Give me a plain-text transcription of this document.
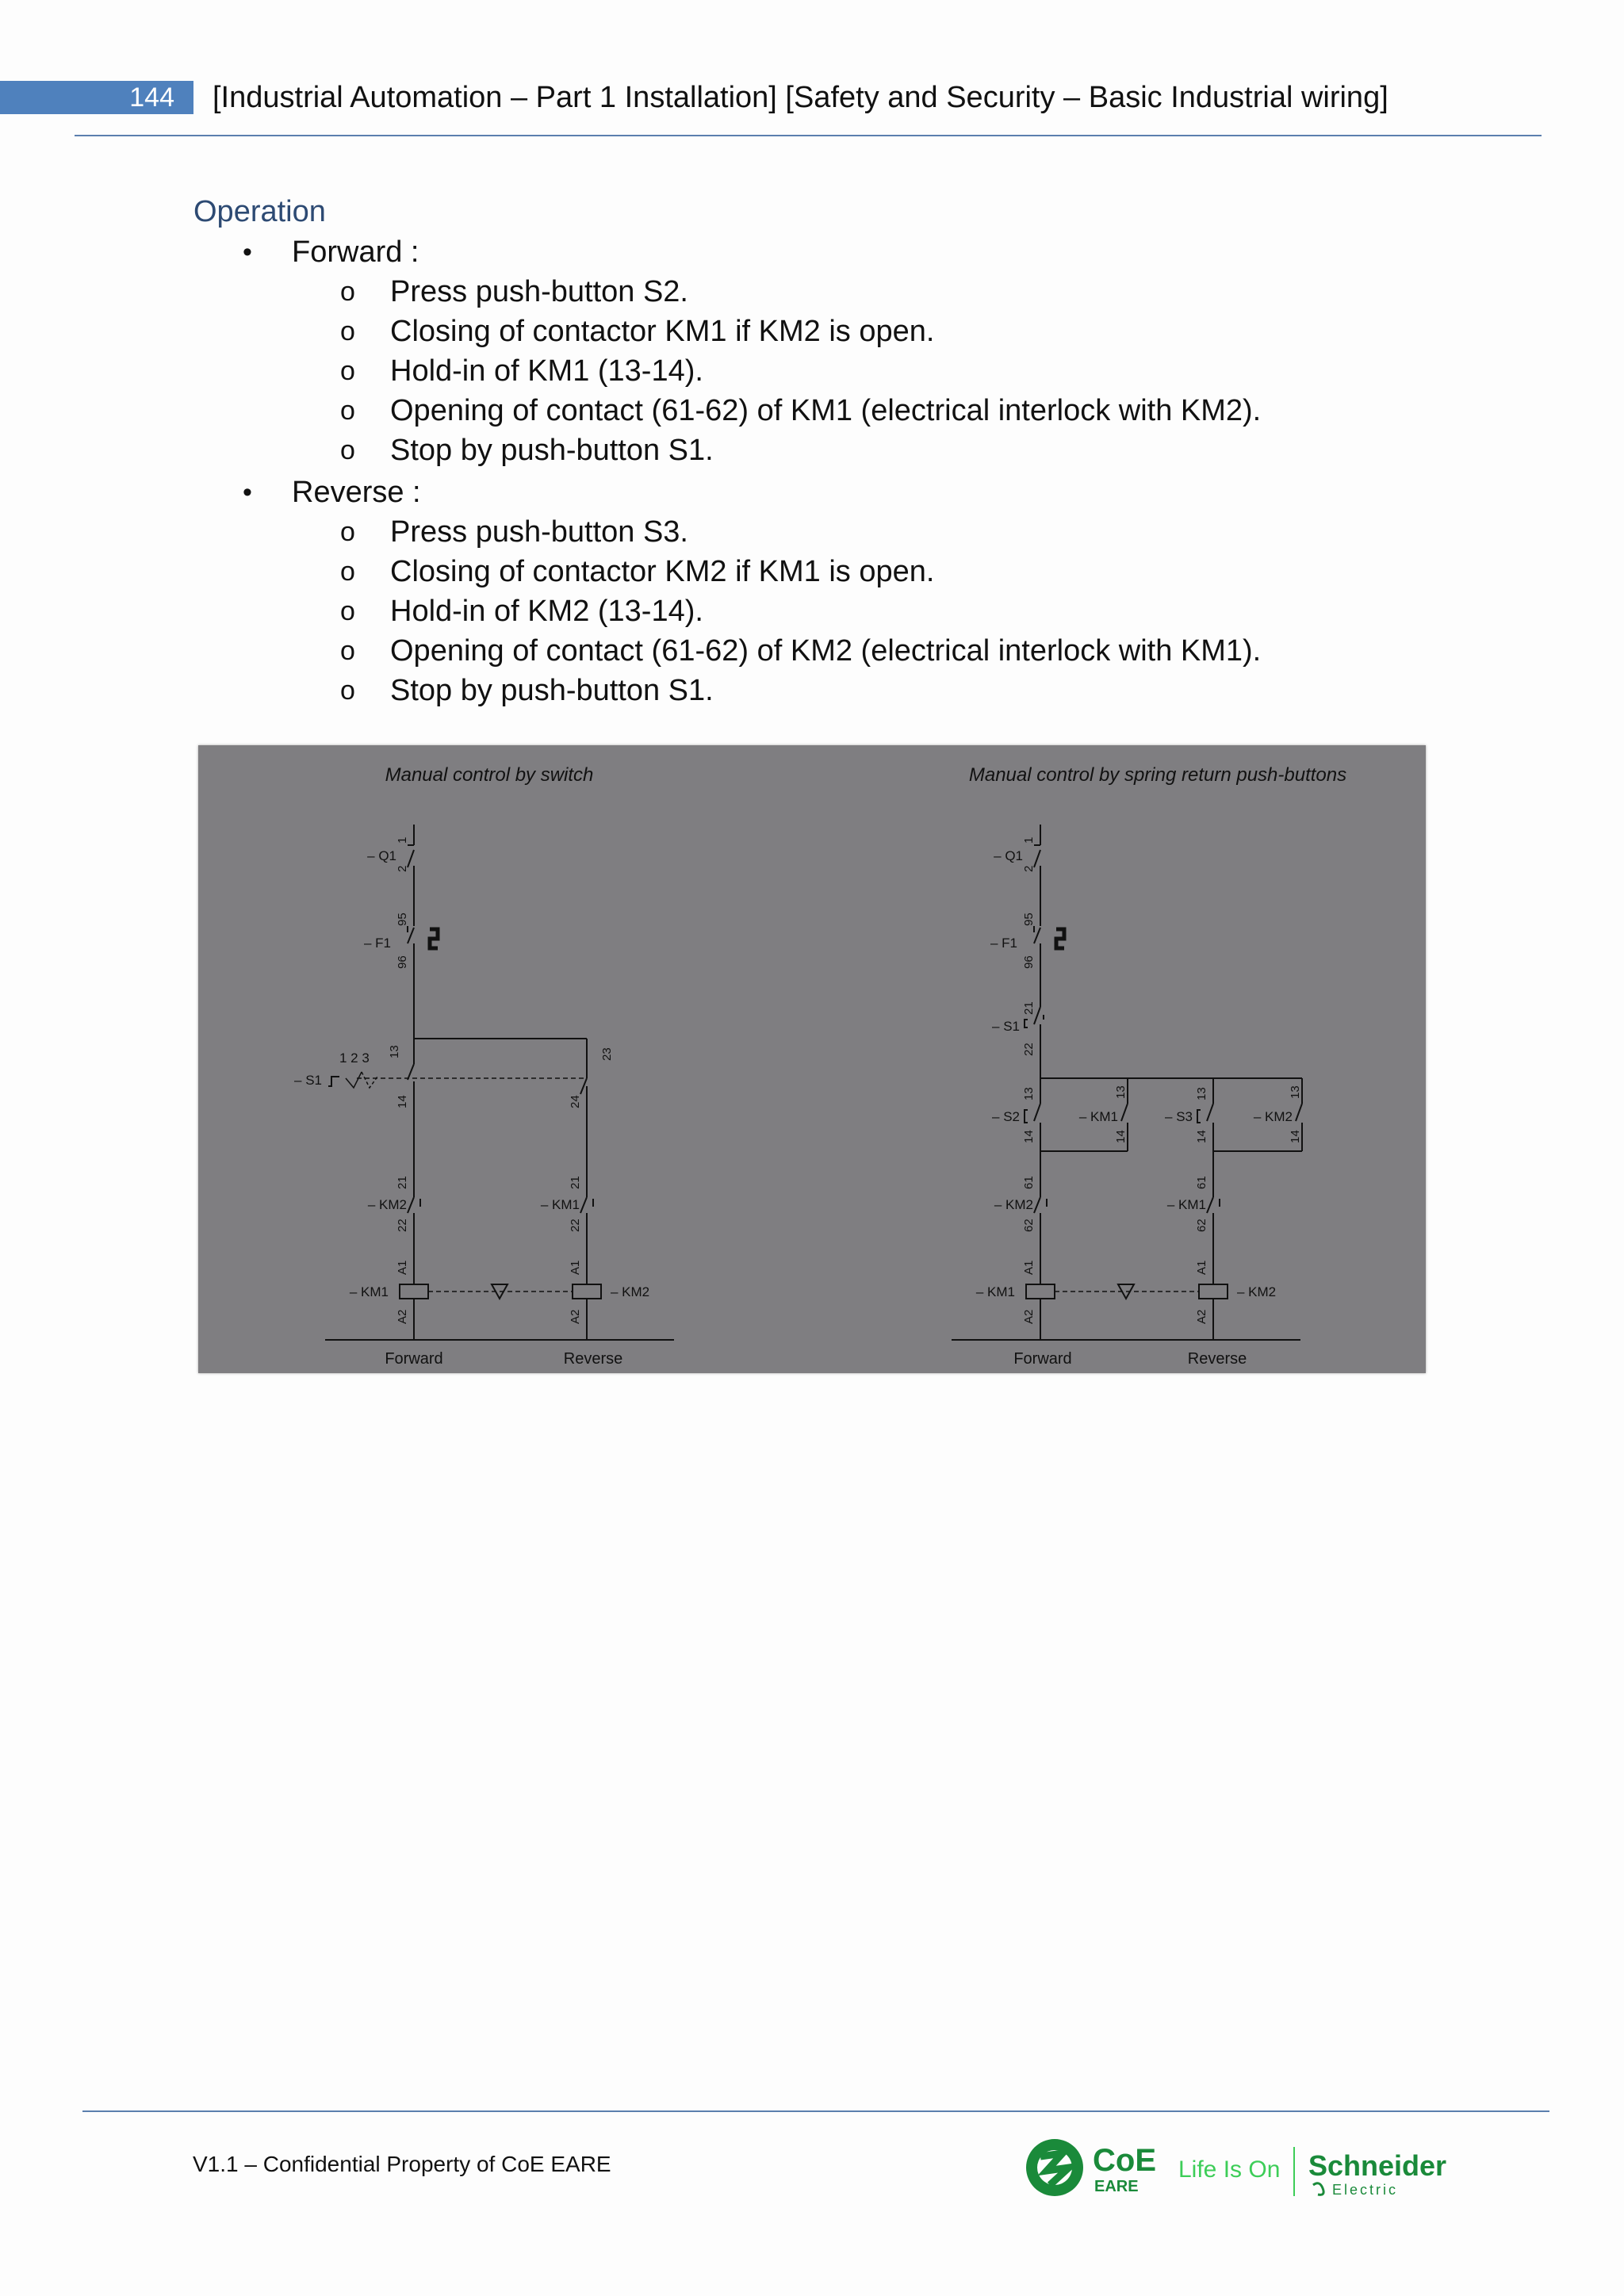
144	[Industrial Automation – Part 1 Installation] [Safety and Security – Basic Industrial wiring]
Operation
• Forward :
o Press push-button S2.
o Closing of contactor KM1 if KM2 is open.
o Hold-in of KM1 (13-14).
o Opening of contact (61-62) of KM1 (electrical interlock with KM2).
o Stop by push-button S1.
• Reverse :
o Press push-button S3.
o Closing of contactor KM2 if KM1 is open.
o Hold-in of KM2 (13-14).
o Opening of contact (61-62) of KM2 (electrical interlock with KM1).
o Stop by push-button S1.
Manual control by switch
– Q1
– F1
– S1
1 2 3
– KM2	– KM1
– KM1	– KM2
Forward	Reverse
1
2
95
96
13
14
23
24
21
22
21
22
A1
A2
A1
A2
Manual control by spring return push-buttons
– Q1
– F1
– S1
– S2	– KM1	– S3	– KM2
– KM2	– KM1
– KM1	– KM2
Forward	Reverse
1
2
95
96
21
22
13
14
13
14
13
14
13
14
61
62
61
62
A1
A2
A1
A2
V1.1 – Confidential Property of CoE EARE	CoE
EARE
Life Is On Schneider
Electric
